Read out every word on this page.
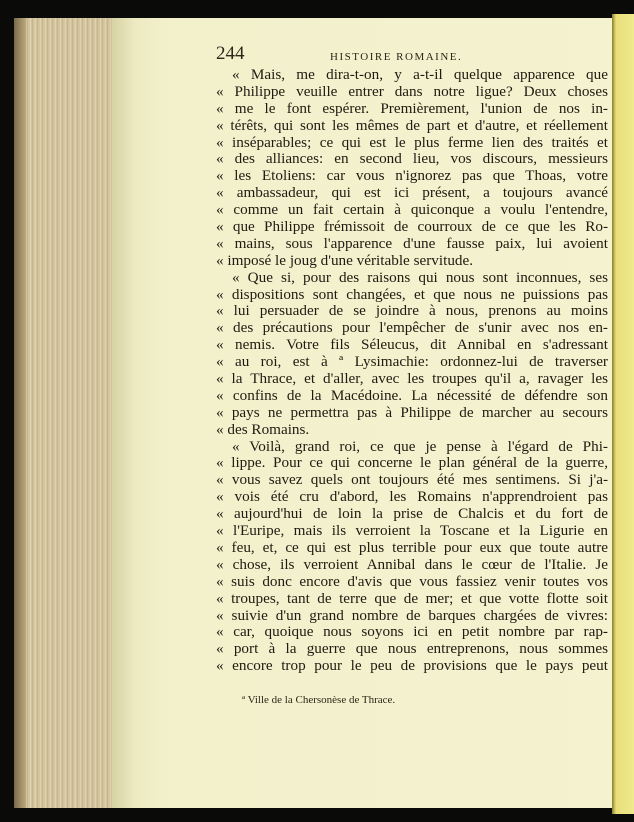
244	HISTOIRE ROMAINE.
« Mais, me dira-t-on, y a-t-il quelque apparence que
« Philippe veuille entrer dans notre ligue? Deux choses
« me le font espérer. Premièrement, l'union de nos in-
« térêts, qui sont les mêmes de part et d'autre, et réellement
« inséparables; ce qui est le plus ferme lien des traités et
« des alliances: en second lieu, vos discours, messieurs
« les Etoliens: car vous n'ignorez pas que Thoas, votre
« ambassadeur, qui est ici présent, a toujours avancé
« comme un fait certain à quiconque a voulu l'entendre,
« que Philippe frémissoit de courroux de ce que les Ro-
« mains, sous l'apparence d'une fausse paix, lui avoient
« imposé le joug d'une véritable servitude.
« Que si, pour des raisons qui nous sont inconnues, ses
« dispositions sont changées, et que nous ne puissions pas
« lui persuader de se joindre à nous, prenons au moins
« des précautions pour l'empêcher de s'unir avec nos en-
« nemis. Votre fils Séleucus, dit Annibal en s'adressant
« au roi, est à ª Lysimachie: ordonnez-lui de traverser
« la Thrace, et d'aller, avec les troupes qu'il a, ravager les
« confins de la Macédoine. La nécessité de défendre son
« pays ne permettra pas à Philippe de marcher au secours
« des Romains.
« Voilà, grand roi, ce que je pense à l'égard de Phi-
« lippe. Pour ce qui concerne le plan général de la guerre,
« vous savez quels ont toujours été mes sentimens. Si j'a-
« vois été cru d'abord, les Romains n'apprendroient pas
« aujourd'hui de loin la prise de Chalcis et du fort de
« l'Euripe, mais ils verroient la Toscane et la Ligurie en
« feu, et, ce qui est plus terrible pour eux que toute autre
« chose, ils verroient Annibal dans le cœur de l'Italie. Je
« suis donc encore d'avis que vous fassiez venir toutes vos
« troupes, tant de terre que de mer; et que votte flotte soit
« suivie d'un grand nombre de barques chargées de vivres:
« car, quoique nous soyons ici en petit nombre par rap-
« port à la guerre que nous entreprenons, nous sommes
« encore trop pour le peu de provisions que le pays peut
ª Ville de la Chersonèse de Thrace.
